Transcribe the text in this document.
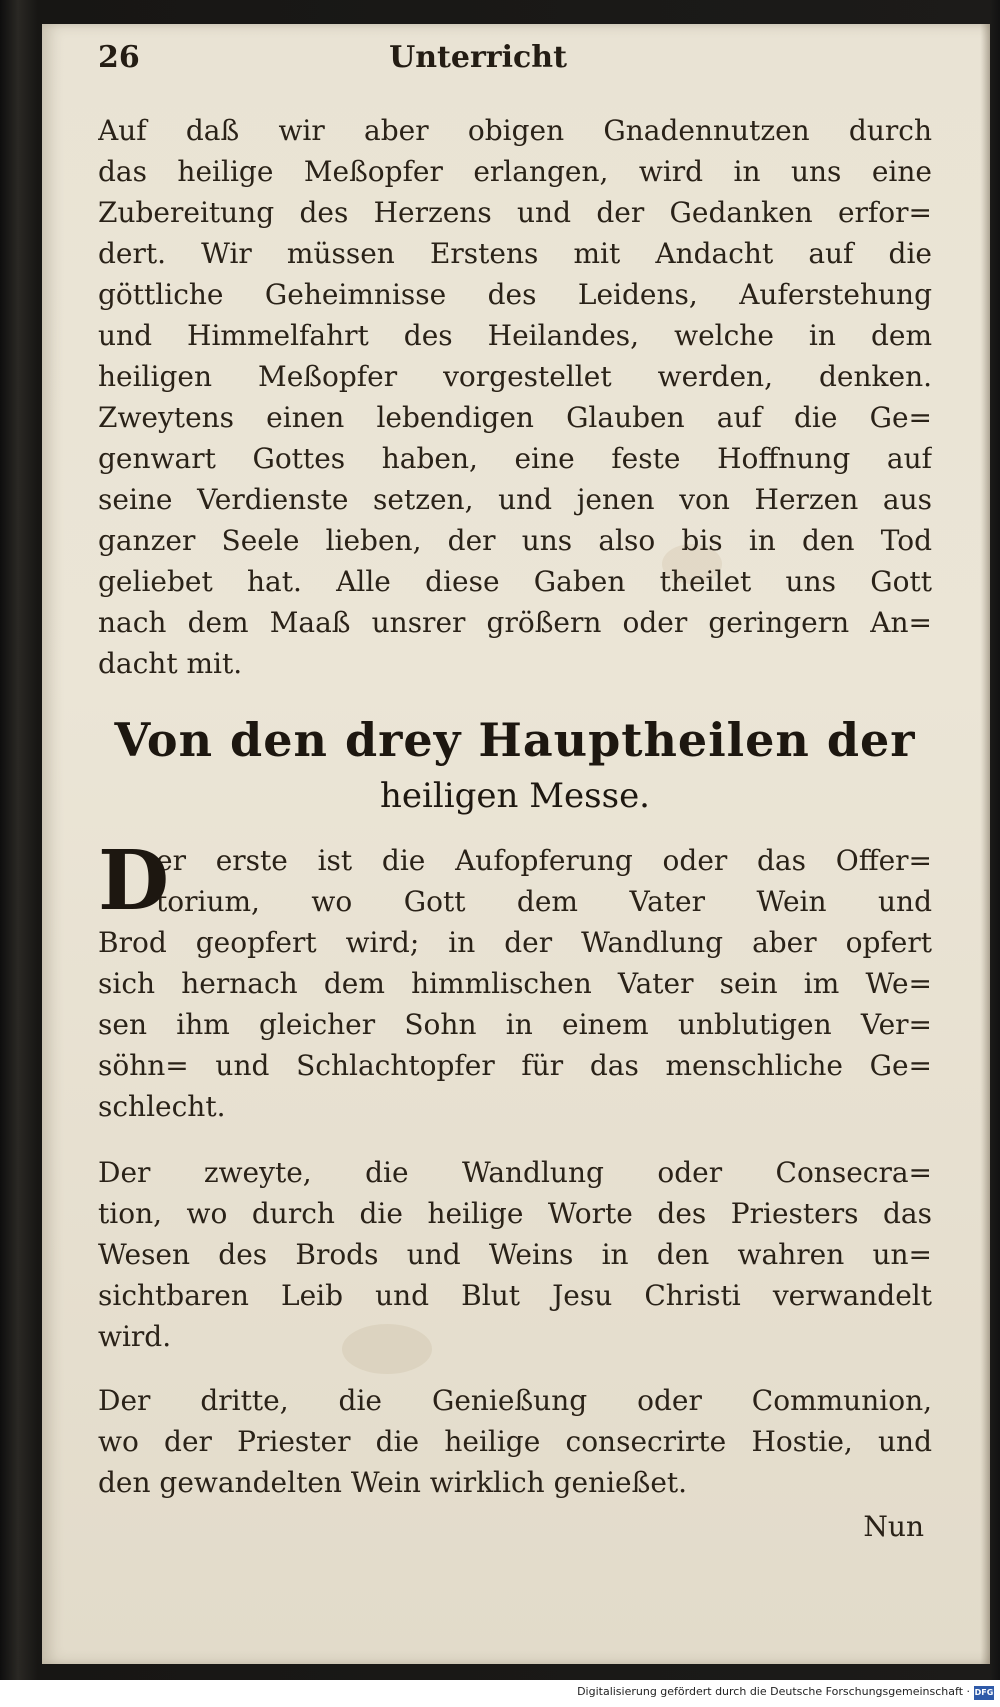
26	Unterricht
Auf daß wir aber obigen Gnadennutzen durch
das heilige Meßopfer erlangen, wird in uns eine
Zubereitung des Herzens und der Gedanken erfor=
dert. Wir müssen Erstens mit Andacht auf die
göttliche Geheimnisse des Leidens, Auferstehung
und Himmelfahrt des Heilandes, welche in dem
heiligen Meßopfer vorgestellet werden, denken.
Zweytens einen lebendigen Glauben auf die Ge=
genwart Gottes haben, eine feste Hoffnung auf
seine Verdienste setzen, und jenen von Herzen aus
ganzer Seele lieben, der uns also bis in den Tod
geliebet hat. Alle diese Gaben theilet uns Gott
nach dem Maaß unsrer größern oder geringern An=
dacht mit.
Von den drey Hauptheilen der
heiligen Messe.
D
er erste ist die Aufopferung oder das Offer=
torium, wo Gott dem Vater Wein und
Brod geopfert wird; in der Wandlung aber opfert
sich hernach dem himmlischen Vater sein im We=
sen ihm gleicher Sohn in einem unblutigen Ver=
söhn= und Schlachtopfer für das menschliche Ge=
schlecht.
Der zweyte, die Wandlung oder Consecra=
tion, wo durch die heilige Worte des Priesters das
Wesen des Brods und Weins in den wahren un=
sichtbaren Leib und Blut Jesu Christi verwandelt
wird.
Der dritte, die Genießung oder Communion,
wo der Priester die heilige consecrirte Hostie, und
den gewandelten Wein wirklich genießet.
Nun
Digitalisierung gefördert durch die Deutsche Forschungsgemeinschaft · DFG
